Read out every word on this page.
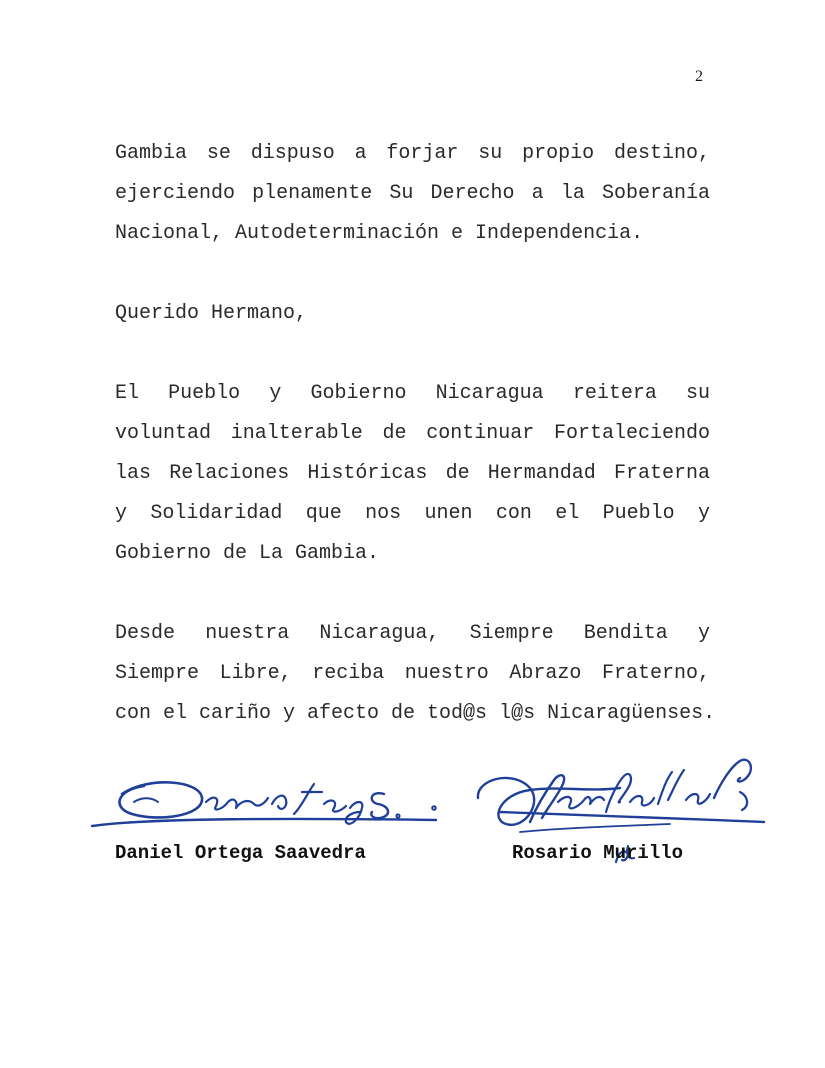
2

Gambia se dispuso a forjar su propio destino,
ejerciendo plenamente Su Derecho a la Soberanía
Nacional, Autodeterminación e Independencia.

Querido Hermano,

El Pueblo y Gobierno Nicaragua reitera su
voluntad inalterable de continuar Fortaleciendo
las Relaciones Históricas de Hermandad Fraterna
y Solidaridad que nos unen con el Pueblo y
Gobierno de La Gambia.

Desde nuestra Nicaragua, Siempre Bendita y
Siempre Libre, reciba nuestro Abrazo Fraterno,
con el cariño y afecto de tod@s l@s Nicaragüenses.

Daniel Ortega Saavedra	Rosario Murillo
